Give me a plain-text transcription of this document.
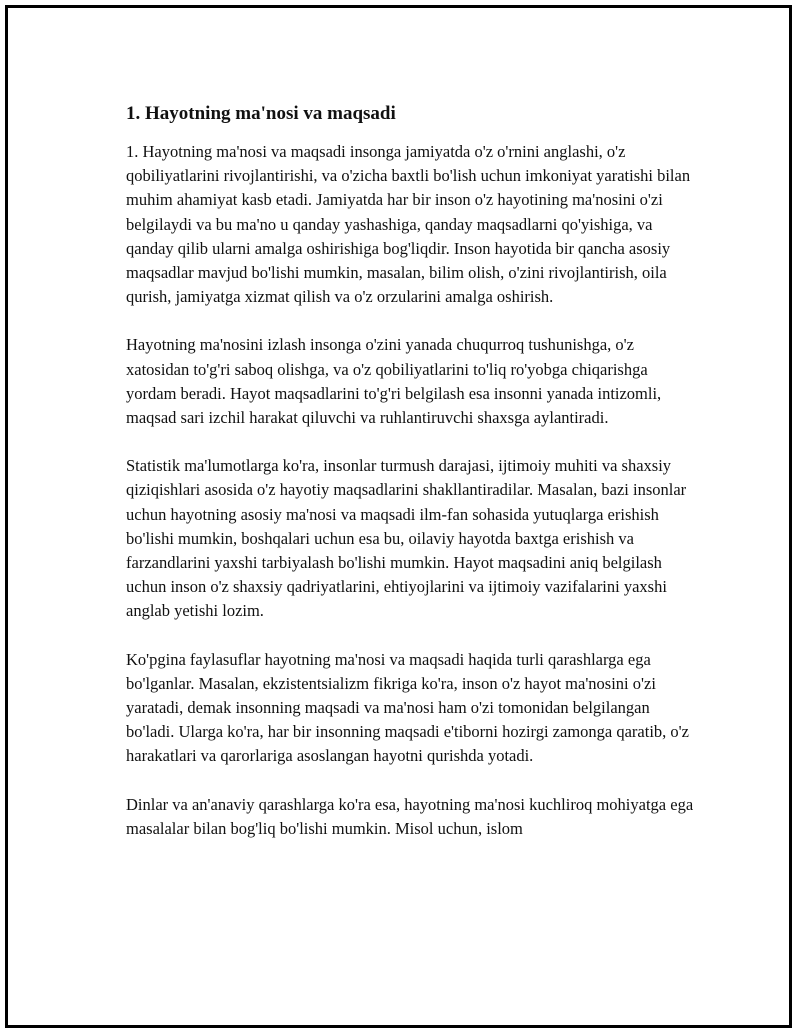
1. Hayotning ma'nosi va maqsadi

1. Hayotning ma'nosi va maqsadi insonga jamiyatda o'z o'rnini anglashi, o'z qobiliyatlarini rivojlantirishi, va o'zicha baxtli bo'lish uchun imkoniyat yaratishi bilan muhim ahamiyat kasb etadi. Jamiyatda har bir inson o'z hayotining ma'nosini o'zi belgilaydi va bu ma'no u qanday yashashiga, qanday maqsadlarni qo'yishiga, va qanday qilib ularni amalga oshirishiga bog'liqdir. Inson hayotida bir qancha asosiy maqsadlar mavjud bo'lishi mumkin, masalan, bilim olish, o'zini rivojlantirish, oila qurish, jamiyatga xizmat qilish va o'z orzularini amalga oshirish.

Hayotning ma'nosini izlash insonga o'zini yanada chuqurroq tushunishga, o'z xatosidan to'g'ri saboq olishga, va o'z qobiliyatlarini to'liq ro'yobga chiqarishga yordam beradi. Hayot maqsadlarini to'g'ri belgilash esa insonni yanada intizomli, maqsad sari izchil harakat qiluvchi va ruhlantiruvchi shaxsga aylantiradi.

Statistik ma'lumotlarga ko'ra, insonlar turmush darajasi, ijtimoiy muhiti va shaxsiy qiziqishlari asosida o'z hayotiy maqsadlarini shakllantiradilar. Masalan, bazi insonlar uchun hayotning asosiy ma'nosi va maqsadi ilm-fan sohasida yutuqlarga erishish bo'lishi mumkin, boshqalari uchun esa bu, oilaviy hayotda baxtga erishish va farzandlarini yaxshi tarbiyalash bo'lishi mumkin. Hayot maqsadini aniq belgilash uchun inson o'z shaxsiy qadriyatlarini, ehtiyojlarini va ijtimoiy vazifalarini yaxshi anglab yetishi lozim.

Ko'pgina faylasuflar hayotning ma'nosi va maqsadi haqida turli qarashlarga ega bo'lganlar. Masalan, ekzistentsializm fikriga ko'ra, inson o'z hayot ma'nosini o'zi yaratadi, demak insonning maqsadi va ma'nosi ham o'zi tomonidan belgilangan bo'ladi. Ularga ko'ra, har bir insonning maqsadi e'tiborni hozirgi zamonga qaratib, o'z harakatlari va qarorlariga asoslangan hayotni qurishda yotadi.

Dinlar va an'anaviy qarashlarga ko'ra esa, hayotning ma'nosi kuchliroq mohiyatga ega masalalar bilan bog'liq bo'lishi mumkin. Misol uchun, islom
